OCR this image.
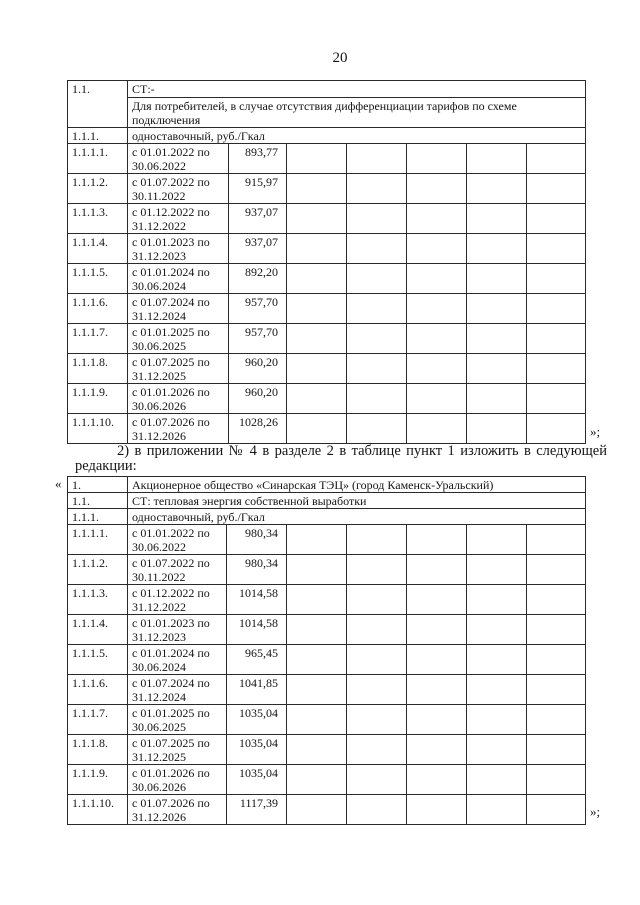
20
1.1.	СТ:-						
	Для потребителей, в случае отсутствия дифференциации тарифов по схеме подключения						
1.1.1.	одноставочный, руб./Гкал						
1.1.1.1.	с 01.01.2022 по 30.06.2022	893,77					
1.1.1.2.	с 01.07.2022 по 30.11.2022	915,97					
1.1.1.3.	с 01.12.2022 по 31.12.2022	937,07					
1.1.1.4.	с 01.01.2023 по 31.12.2023	937,07					
1.1.1.5.	с 01.01.2024 по 30.06.2024	892,20					
1.1.1.6.	с 01.07.2024 по 31.12.2024	957,70					
1.1.1.7.	с 01.01.2025 по 30.06.2025	957,70					
1.1.1.8.	с 01.07.2025 по 31.12.2025	960,20					
1.1.1.9.	с 01.01.2026 по 30.06.2026	960,20					
1.1.1.10.	с 01.07.2026 по 31.12.2026	1028,26					
»;

2) в приложении № 4 в разделе 2 в таблице пункт 1 изложить в следующей редакции:

« 1.	Акционерное общество «Синарская ТЭЦ» (город Каменск-Уральский)						
1.1.	СТ: тепловая энергия собственной выработки						
1.1.1.	одноставочный, руб./Гкал						
1.1.1.1.	с 01.01.2022 по 30.06.2022	980,34					
1.1.1.2.	с 01.07.2022 по 30.11.2022	980,34					
1.1.1.3.	с 01.12.2022 по 31.12.2022	1014,58					
1.1.1.4.	с 01.01.2023 по 31.12.2023	1014,58					
1.1.1.5.	с 01.01.2024 по 30.06.2024	965,45					
1.1.1.6.	с 01.07.2024 по 31.12.2024	1041,85					
1.1.1.7.	с 01.01.2025 по 30.06.2025	1035,04					
1.1.1.8.	с 01.07.2025 по 31.12.2025	1035,04					
1.1.1.9.	с 01.01.2026 по 30.06.2026	1035,04					
1.1.1.10.	с 01.07.2026 по 31.12.2026	1117,39					
»;
